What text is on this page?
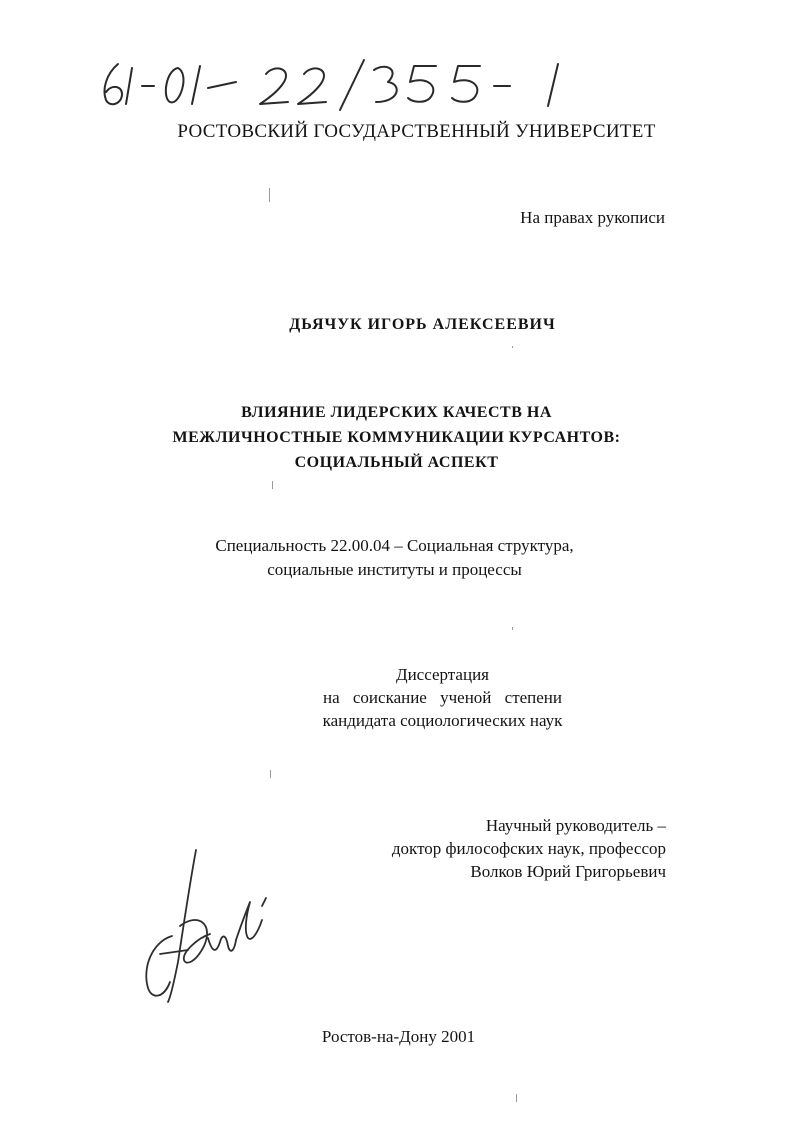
РОСТОВСКИЙ ГОСУДАРСТВЕННЫЙ УНИВЕРСИТЕТ
На правах рукописи
ДЬЯЧУК ИГОРЬ АЛЕКСЕЕВИЧ
ВЛИЯНИЕ ЛИДЕРСКИХ КАЧЕСТВ НА
МЕЖЛИЧНОСТНЫЕ КОММУНИКАЦИИ КУРСАНТОВ:
СОЦИАЛЬНЫЙ АСПЕКТ
Специальность 22.00.04 – Социальная структура,
социальные институты и процессы
Диссертация
на соискание ученой степени
кандидата социологических наук
Научный руководитель –
доктор философских наук, профессор
Волков Юрий Григорьевич
Ростов-на-Дону 2001
